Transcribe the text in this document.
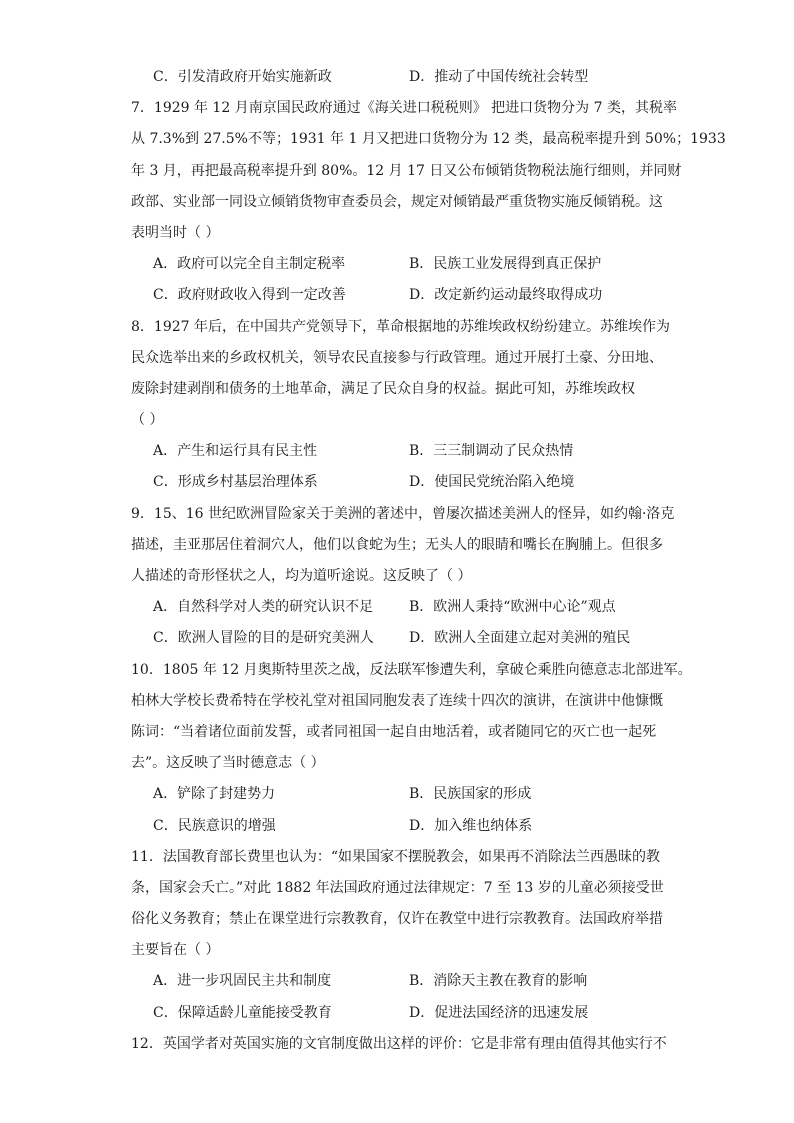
C．引发清政府开始实施新政	D．推动了中国传统社会转型
7．1929 年 12 月南京国民政府通过《海关进口税税则》 把进口货物分为 7 类，其税率
从 7.3%到 27.5%不等；1931 年 1 月又把进口货物分为 12 类，最高税率提升到 50%；1933
年 3 月，再把最高税率提升到 80%。12 月 17 日又公布倾销货物税法施行细则，并同财
政部、实业部一同设立倾销货物审查委员会，规定对倾销最严重货物实施反倾销税。这
表明当时（ ）
A．政府可以完全自主制定税率	B．民族工业发展得到真正保护
C．政府财政收入得到一定改善	D．改定新约运动最终取得成功
8．1927 年后，在中国共产党领导下，革命根据地的苏维埃政权纷纷建立。苏维埃作为
民众选举出来的乡政权机关，领导农民直接参与行政管理。通过开展打土豪、分田地、
废除封建剥削和债务的土地革命，满足了民众自身的权益。据此可知，苏维埃政权
（ ）
A．产生和运行具有民主性	B．三三制调动了民众热情
C．形成乡村基层治理体系	D．使国民党统治陷入绝境
9．15、16 世纪欧洲冒险家关于美洲的著述中，曾屡次描述美洲人的怪异，如约翰·洛克
描述，圭亚那居住着洞穴人，他们以食蛇为生；无头人的眼睛和嘴长在胸脯上。但很多
人描述的奇形怪状之人，均为道听途说。这反映了（ ）
A．自然科学对人类的研究认识不足	B．欧洲人秉持“欧洲中心论”观点
C．欧洲人冒险的目的是研究美洲人	D．欧洲人全面建立起对美洲的殖民
10．1805 年 12 月奥斯特里茨之战，反法联军惨遭失利，拿破仑乘胜向德意志北部进军。
柏林大学校长费希特在学校礼堂对祖国同胞发表了连续十四次的演讲，在演讲中他慷慨
陈词：“当着诸位面前发誓，或者同祖国一起自由地活着，或者随同它的灭亡也一起死
去”。这反映了当时德意志（ ）
A．铲除了封建势力	B．民族国家的形成
C．民族意识的增强	D．加入维也纳体系
11．法国教育部长费里也认为：“如果国家不摆脱教会，如果再不消除法兰西愚昧的教
条，国家会夭亡。”对此 1882 年法国政府通过法律规定：7 至 13 岁的儿童必须接受世
俗化义务教育；禁止在课堂进行宗教教育，仅许在教堂中进行宗教教育。法国政府举措
主要旨在（ ）
A．进一步巩固民主共和制度	B．消除天主教在教育的影响
C．保障适龄儿童能接受教育	D．促进法国经济的迅速发展
12．英国学者对英国实施的文官制度做出这样的评价：它是非常有理由值得其他实行不
